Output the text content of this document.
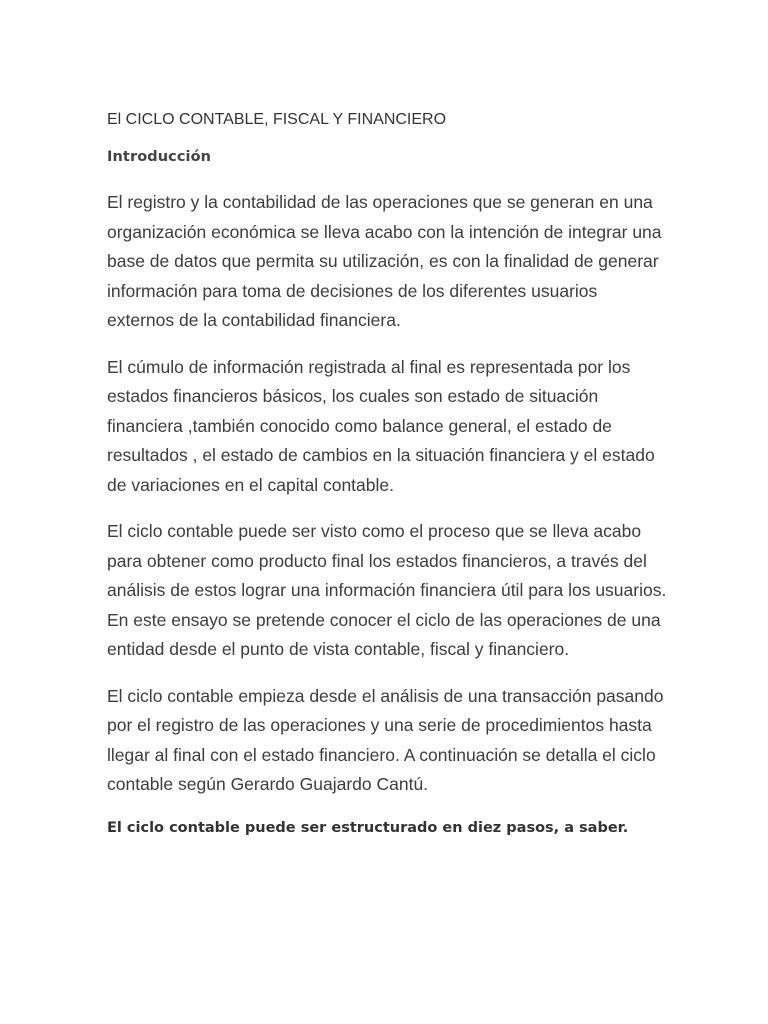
El CICLO CONTABLE, FISCAL Y FINANCIERO
Introducción

El registro y la contabilidad de las operaciones que se generan en una organización económica se lleva acabo con la intención de integrar una base de datos que permita su utilización, es con la finalidad de generar información para toma de decisiones de los diferentes usuarios externos de la contabilidad financiera.

El cúmulo de información registrada al final es representada por los estados financieros básicos, los cuales son estado de situación financiera ,también conocido como balance general, el estado de resultados , el estado de cambios en la situación financiera y el estado de variaciones en el capital contable.

El ciclo contable puede ser visto como el proceso que se lleva acabo para obtener como producto final los estados financieros, a través del análisis de estos lograr una información financiera útil para los usuarios. En este ensayo se pretende conocer el ciclo de las operaciones de una entidad desde el punto de vista contable, fiscal y financiero.

El ciclo contable empieza desde el análisis de una transacción pasando por el registro de las operaciones y una serie de procedimientos hasta llegar al final con el estado financiero. A continuación se detalla el ciclo contable según Gerardo Guajardo Cantú.

El ciclo contable puede ser estructurado en diez pasos, a saber.
